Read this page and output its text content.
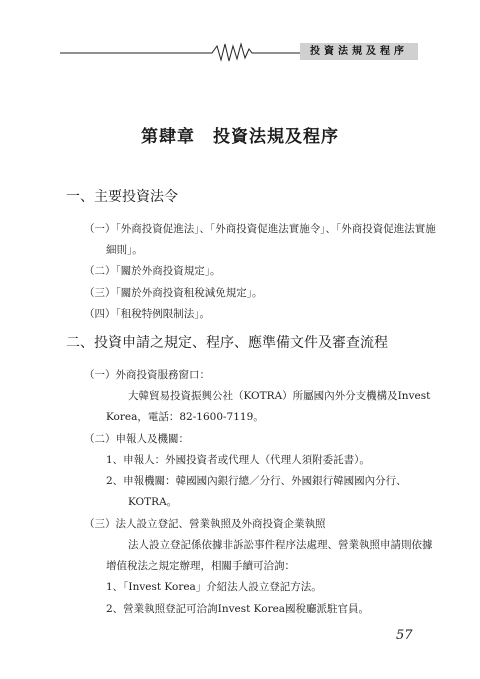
投資法規及程序
第肆章　投資法規及程序
一、主要投資法令
（一）「外商投資促進法」、「外商投資促進法實施令」、「外商投資促進法實施
細則」。
（二）「關於外商投資規定」。
（三）「關於外商投資租稅減免規定」。
（四）「租稅特例限制法」。
二、投資申請之規定、程序、應準備文件及審查流程
（一）外商投資服務窗口：
大韓貿易投資振興公社（KOTRA）所屬國內外分支機構及Invest
Korea，電話：82-1600-7119。
（二）申報人及機關：
1、申報人：外國投資者或代理人（代理人須附委託書）。
2、申報機關：韓國國內銀行總／分行、外國銀行韓國國內分行、
KOTRA。
（三）法人設立登記、營業執照及外商投資企業執照
法人設立登記係依據非訴訟事件程序法處理、營業執照申請則依據
增值稅法之規定辦理，相關手續可洽詢：
1、「Invest Korea」介紹法人設立登記方法。
2、營業執照登記可洽詢Invest Korea國稅廳派駐官員。
57
